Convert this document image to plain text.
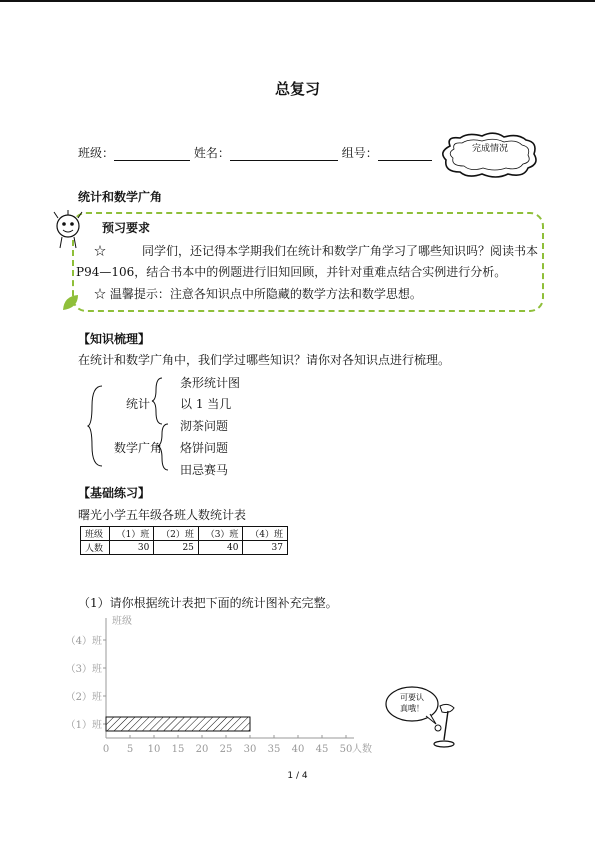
总复习
班级：	姓名：	组号：	完成情况
统计和数学广角
预习要求
☆　　　同学们，还记得本学期我们在统计和数学广角学习了哪些知识吗？阅读书本
P94—106，结合书本中的例题进行旧知回顾，并针对重难点结合实例进行分析。
☆ 温馨提示：注意各知识点中所隐藏的数学方法和数学思想。
【知识梳理】
在统计和数学广角中，我们学过哪些知识？请你对各知识点进行梳理。
统计
条形统计图
以 1 当几
数学广角
沏茶问题
烙饼问题
田忌赛马
【基础练习】
曙光小学五年级各班人数统计表
班级	（1）班	（2）班	（3）班	（4）班
人数	30	25	40	37
（1）请你根据统计表把下面的统计图补充完整。
班级
0 5 10 15 20 25 30 35 40 45 50 人数
（1）班
（2）班
（3）班
（4）班
可要认
真哦！
1 / 4
